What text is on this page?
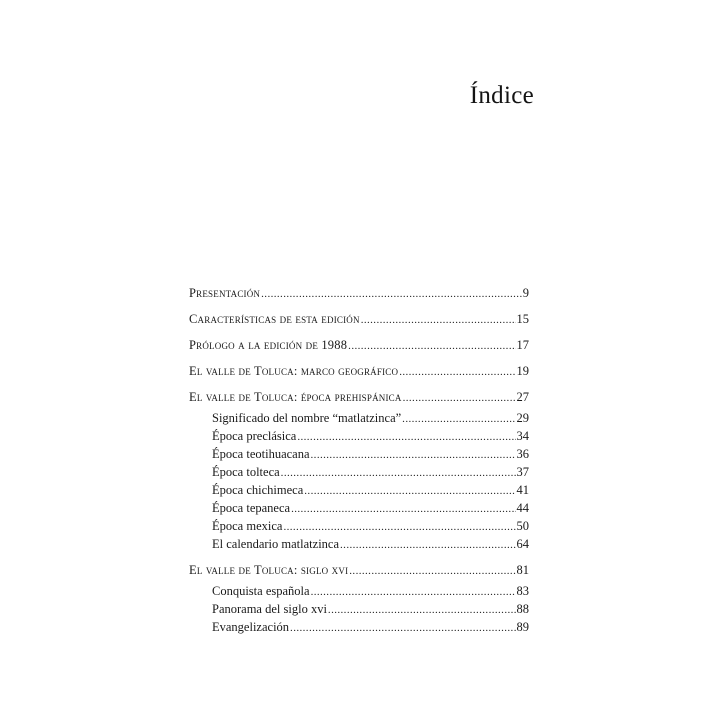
Índice
Presentación .....	9
Características de esta edición .....	15
Prólogo a la edición de 1988 .....	17
El valle de Toluca: marco geográfico .....	19
El valle de Toluca: época prehispánica .....	27
Significado del nombre “matlatzinca” .....	29
Época preclásica .....	34
Época teotihuacana .....	36
Época tolteca .....	37
Época chichimeca .....	41
Época tepaneca .....	44
Época mexica .....	50
El calendario matlatzinca .....	64
El valle de Toluca: siglo xvi .....	81
Conquista española .....	83
Panorama del siglo xvi .....	88
Evangelización .....	89
